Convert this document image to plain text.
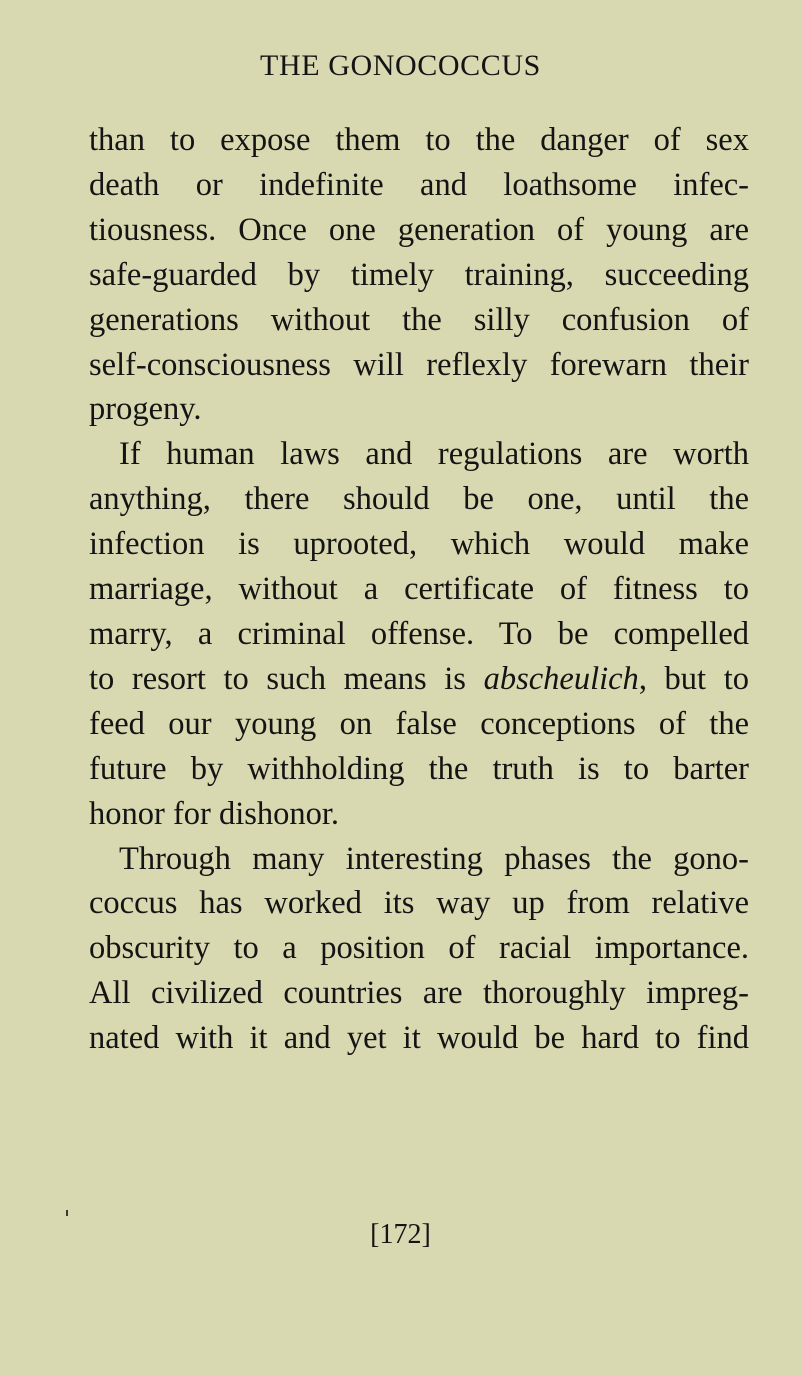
THE GONOCOCCUS
than to expose them to the danger of sex
death or indefinite and loathsome infec-
tiousness. Once one generation of young are
safe-guarded by timely training, succeeding
generations without the silly confusion of
self-consciousness will reflexly forewarn their
progeny.
If human laws and regulations are worth
anything, there should be one, until the
infection is uprooted, which would make
marriage, without a certificate of fitness to
marry, a criminal offense. To be compelled
to resort to such means is abscheulich, but to
feed our young on false conceptions of the
future by withholding the truth is to barter
honor for dishonor.
Through many interesting phases the gono-
coccus has worked its way up from relative
obscurity to a position of racial importance.
All civilized countries are thoroughly impreg-
nated with it and yet it would be hard to find
[172]
